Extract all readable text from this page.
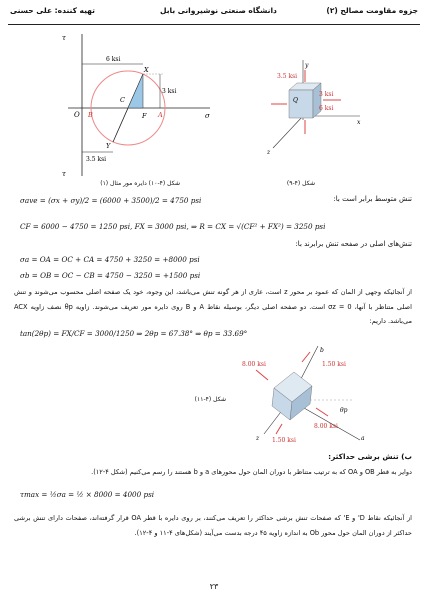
جزوه مقاومت مصالح (۲)
دانشگاه صنعتی نوشیروانی بابل
تهیه کننده: علی حسنی
τ
τ
σ
O B
C
F A
X
Y
6 ksi
3 ksi
3.5 ksi
شکل (۴-۱۰) دایره مور مثال (۱)
y
x
z
Q
3.5 ksi
3 ksi
6 ksi
شکل (۴-۹)
تنش متوسط برابر است با:
σave = (σx + σy)/2 = (6000 + 3500)/2 = 4750 psi
CF = 6000 − 4750 = 1250 psi, FX = 3000 psi, ⇒ R = CX = √(CF² + FX²) = 3250 psi
تنش‌های اصلی در صفحه تنش برابرند با:
σa = OA = OC + CA = 4750 + 3250 = +8000 psi
σb = OB = OC − CB = 4750 − 3250 = +1500 psi
از آنجائیکه وجهی از المان که عمود بر محور z است، عاری از هر گونه تنش می‌باشد، این وجوه، خود یک صفحه اصلی محسوب می‌شوند و تنش اصلی متناظر با آنها، σz = 0 است. دو صفحه اصلی دیگر، بوسیله نقاط A و B روی دایره مور تعریف می‌شوند. زاویه θp نصف زاویه ACX می‌باشد. داریم:
tan(2θp) = FX/CF = 3000/1250 ⇒ 2θp = 67.38° ⇒ θp = 33.69°
b
a
z
θp
8.00 ksi	1.50 ksi
1.50 ksi
8.00 ksi
شکل (۴-۱۱)
ب) تنش برشی حداکثر:
دوایر به قطر OB و OA که به ترتیب متناظر با دوران المان حول محورهای a و b هستند را رسم می‌کنیم (شکل ۴-۱۲).
τmax = ½σa = ½ × 8000 = 4000 psi
از آنجائیکه نقاط D' و E' که صفحات تنش برشی حداکثر را تعریف می‌کنند، بر روی دایره با قطر OA قرار گرفته‌اند، صفحات دارای تنش برشی حداکثر از دوران المان حول محور Ob به اندازه زاویه ۴۵ درجه بدست می‌آیند (شکل‌های ۴-۱۱ و ۴-۱۲).
۲۳
